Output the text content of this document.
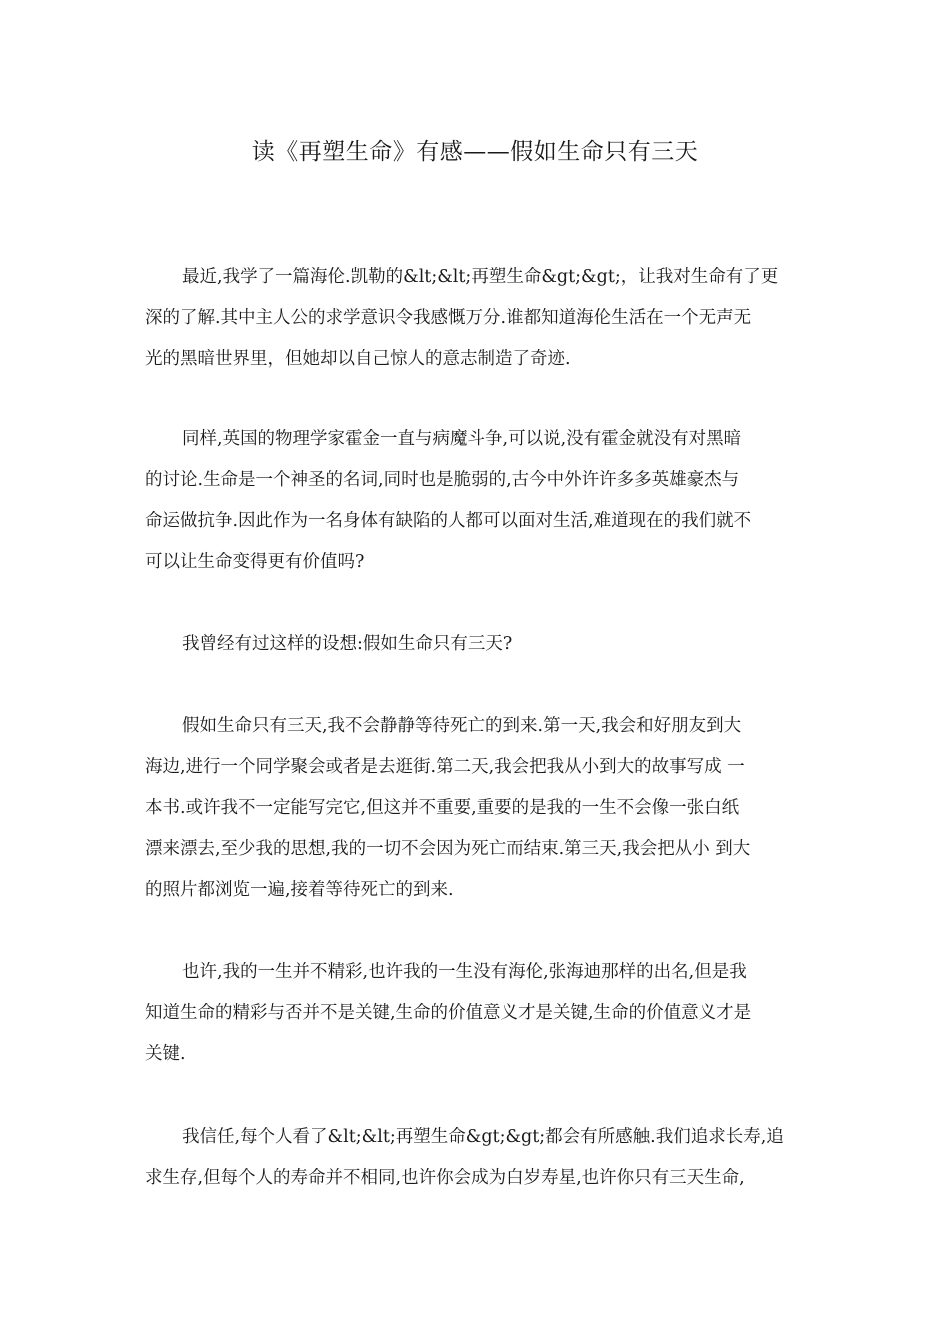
读《再塑生命》有感——假如生命只有三天
最近,我学了一篇海伦.凯勒的&lt;&lt;再塑生命&gt;&gt;，让我对生命有了更
深的了解.其中主人公的求学意识令我感慨万分.谁都知道海伦生活在一个无声无
光的黑暗世界里，但她却以自己惊人的意志制造了奇迹.
同样,英国的物理学家霍金一直与病魔斗争,可以说,没有霍金就没有对黑暗
的讨论.生命是一个神圣的名词,同时也是脆弱的,古今中外许许多多英雄豪杰与
命运做抗争.因此作为一名身体有缺陷的人都可以面对生活,难道现在的我们就不
可以让生命变得更有价值吗?
我曾经有过这样的设想:假如生命只有三天?
假如生命只有三天,我不会静静等待死亡的到来.第一天,我会和好朋友到大
海边,进行一个同学聚会或者是去逛街.第二天,我会把我从小到大的故事写成 一
本书.或许我不一定能写完它,但这并不重要,重要的是我的一生不会像一张白纸
漂来漂去,至少我的思想,我的一切不会因为死亡而结束.第三天,我会把从小 到大
的照片都浏览一遍,接着等待死亡的到来.
也许,我的一生并不精彩,也许我的一生没有海伦,张海迪那样的出名,但是我
知道生命的精彩与否并不是关键,生命的价值意义才是关键,生命的价值意义才是
关键.
我信任,每个人看了&lt;&lt;再塑生命&gt;&gt;都会有所感触.我们追求长寿,追
求生存,但每个人的寿命并不相同,也许你会成为白岁寿星,也许你只有三天生命,
